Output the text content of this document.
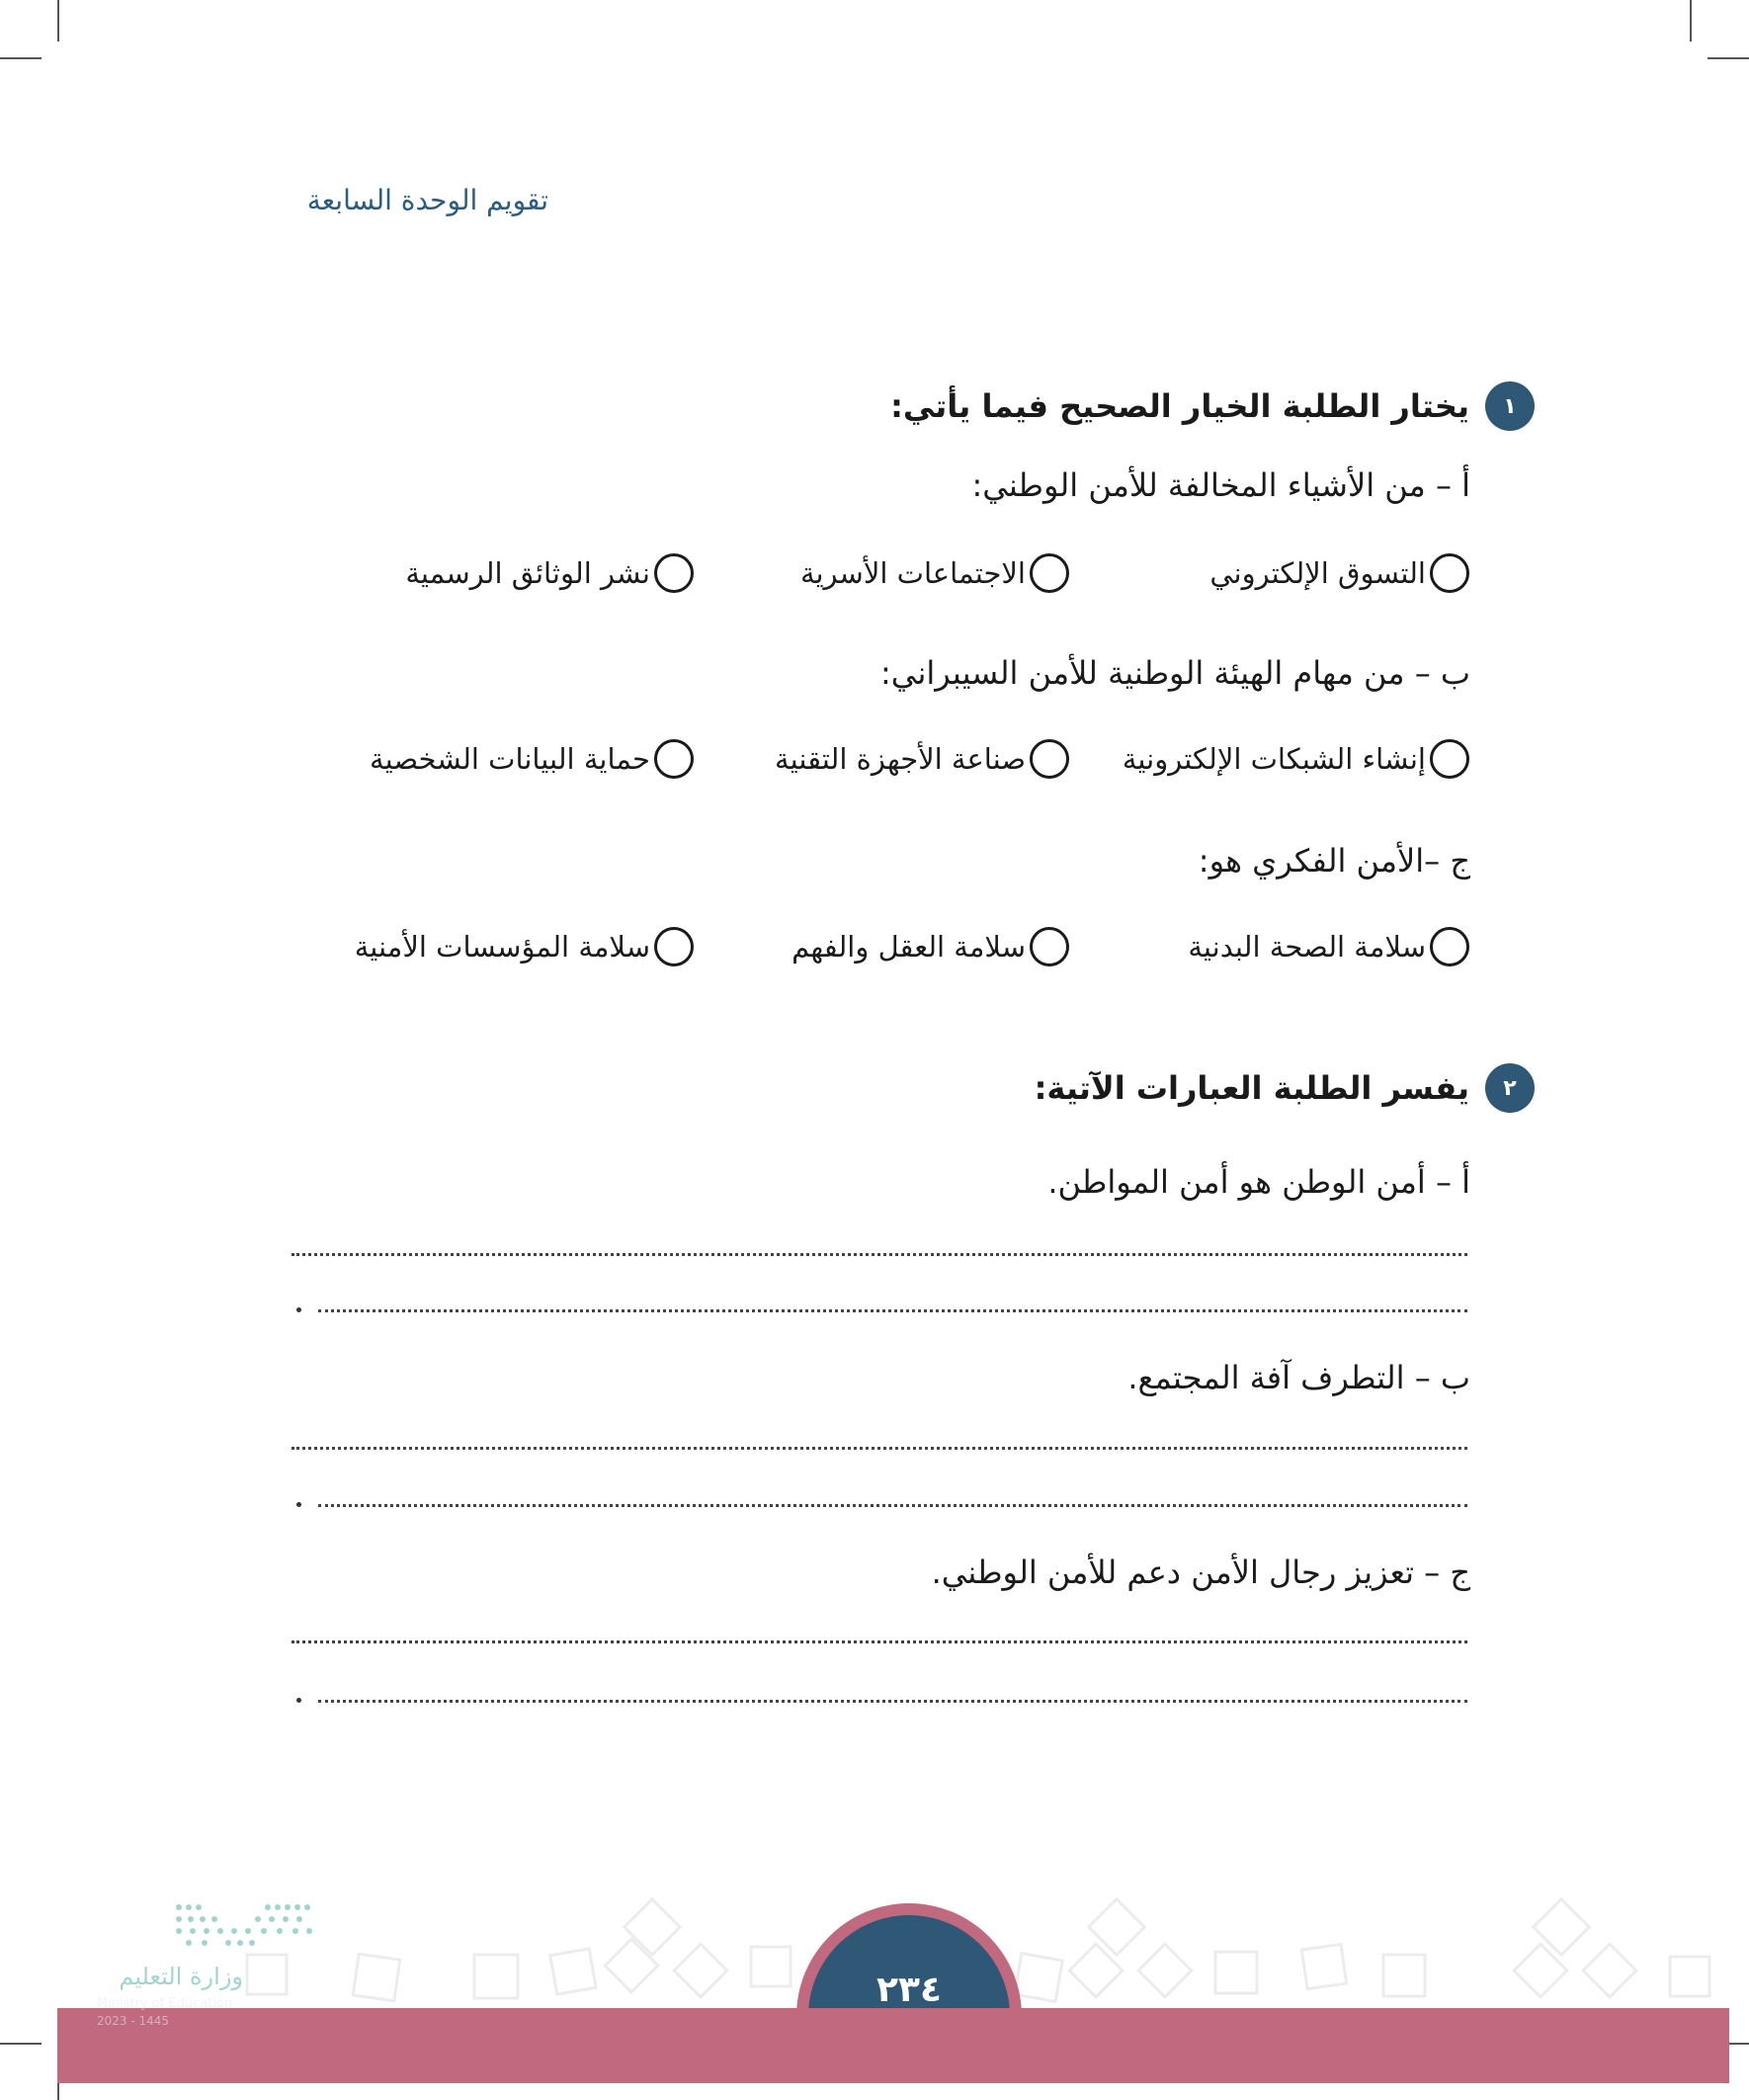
تقويم الوحدة السابعة
١
يختار الطلبة الخيار الصحيح فيما يأتي:
أ – من الأشياء المخالفة للأمن الوطني:
التسوق الإلكتروني
الاجتماعات الأسرية
نشر الوثائق الرسمية
ب – من مهام الهيئة الوطنية للأمن السيبراني:
إنشاء الشبكات الإلكترونية
صناعة الأجهزة التقنية
حماية البيانات الشخصية
ج –الأمن الفكري هو:
سلامة الصحة البدنية
سلامة العقل والفهم
سلامة المؤسسات الأمنية
٢
يفسر الطلبة العبارات الآتية:
أ – أمن الوطن هو أمن المواطن.
ب – التطرف آفة المجتمع.
ج – تعزيز رجال الأمن دعم للأمن الوطني.
٢٣٤
وزارة التعليم
Ministry of Education
2023 - 1445
